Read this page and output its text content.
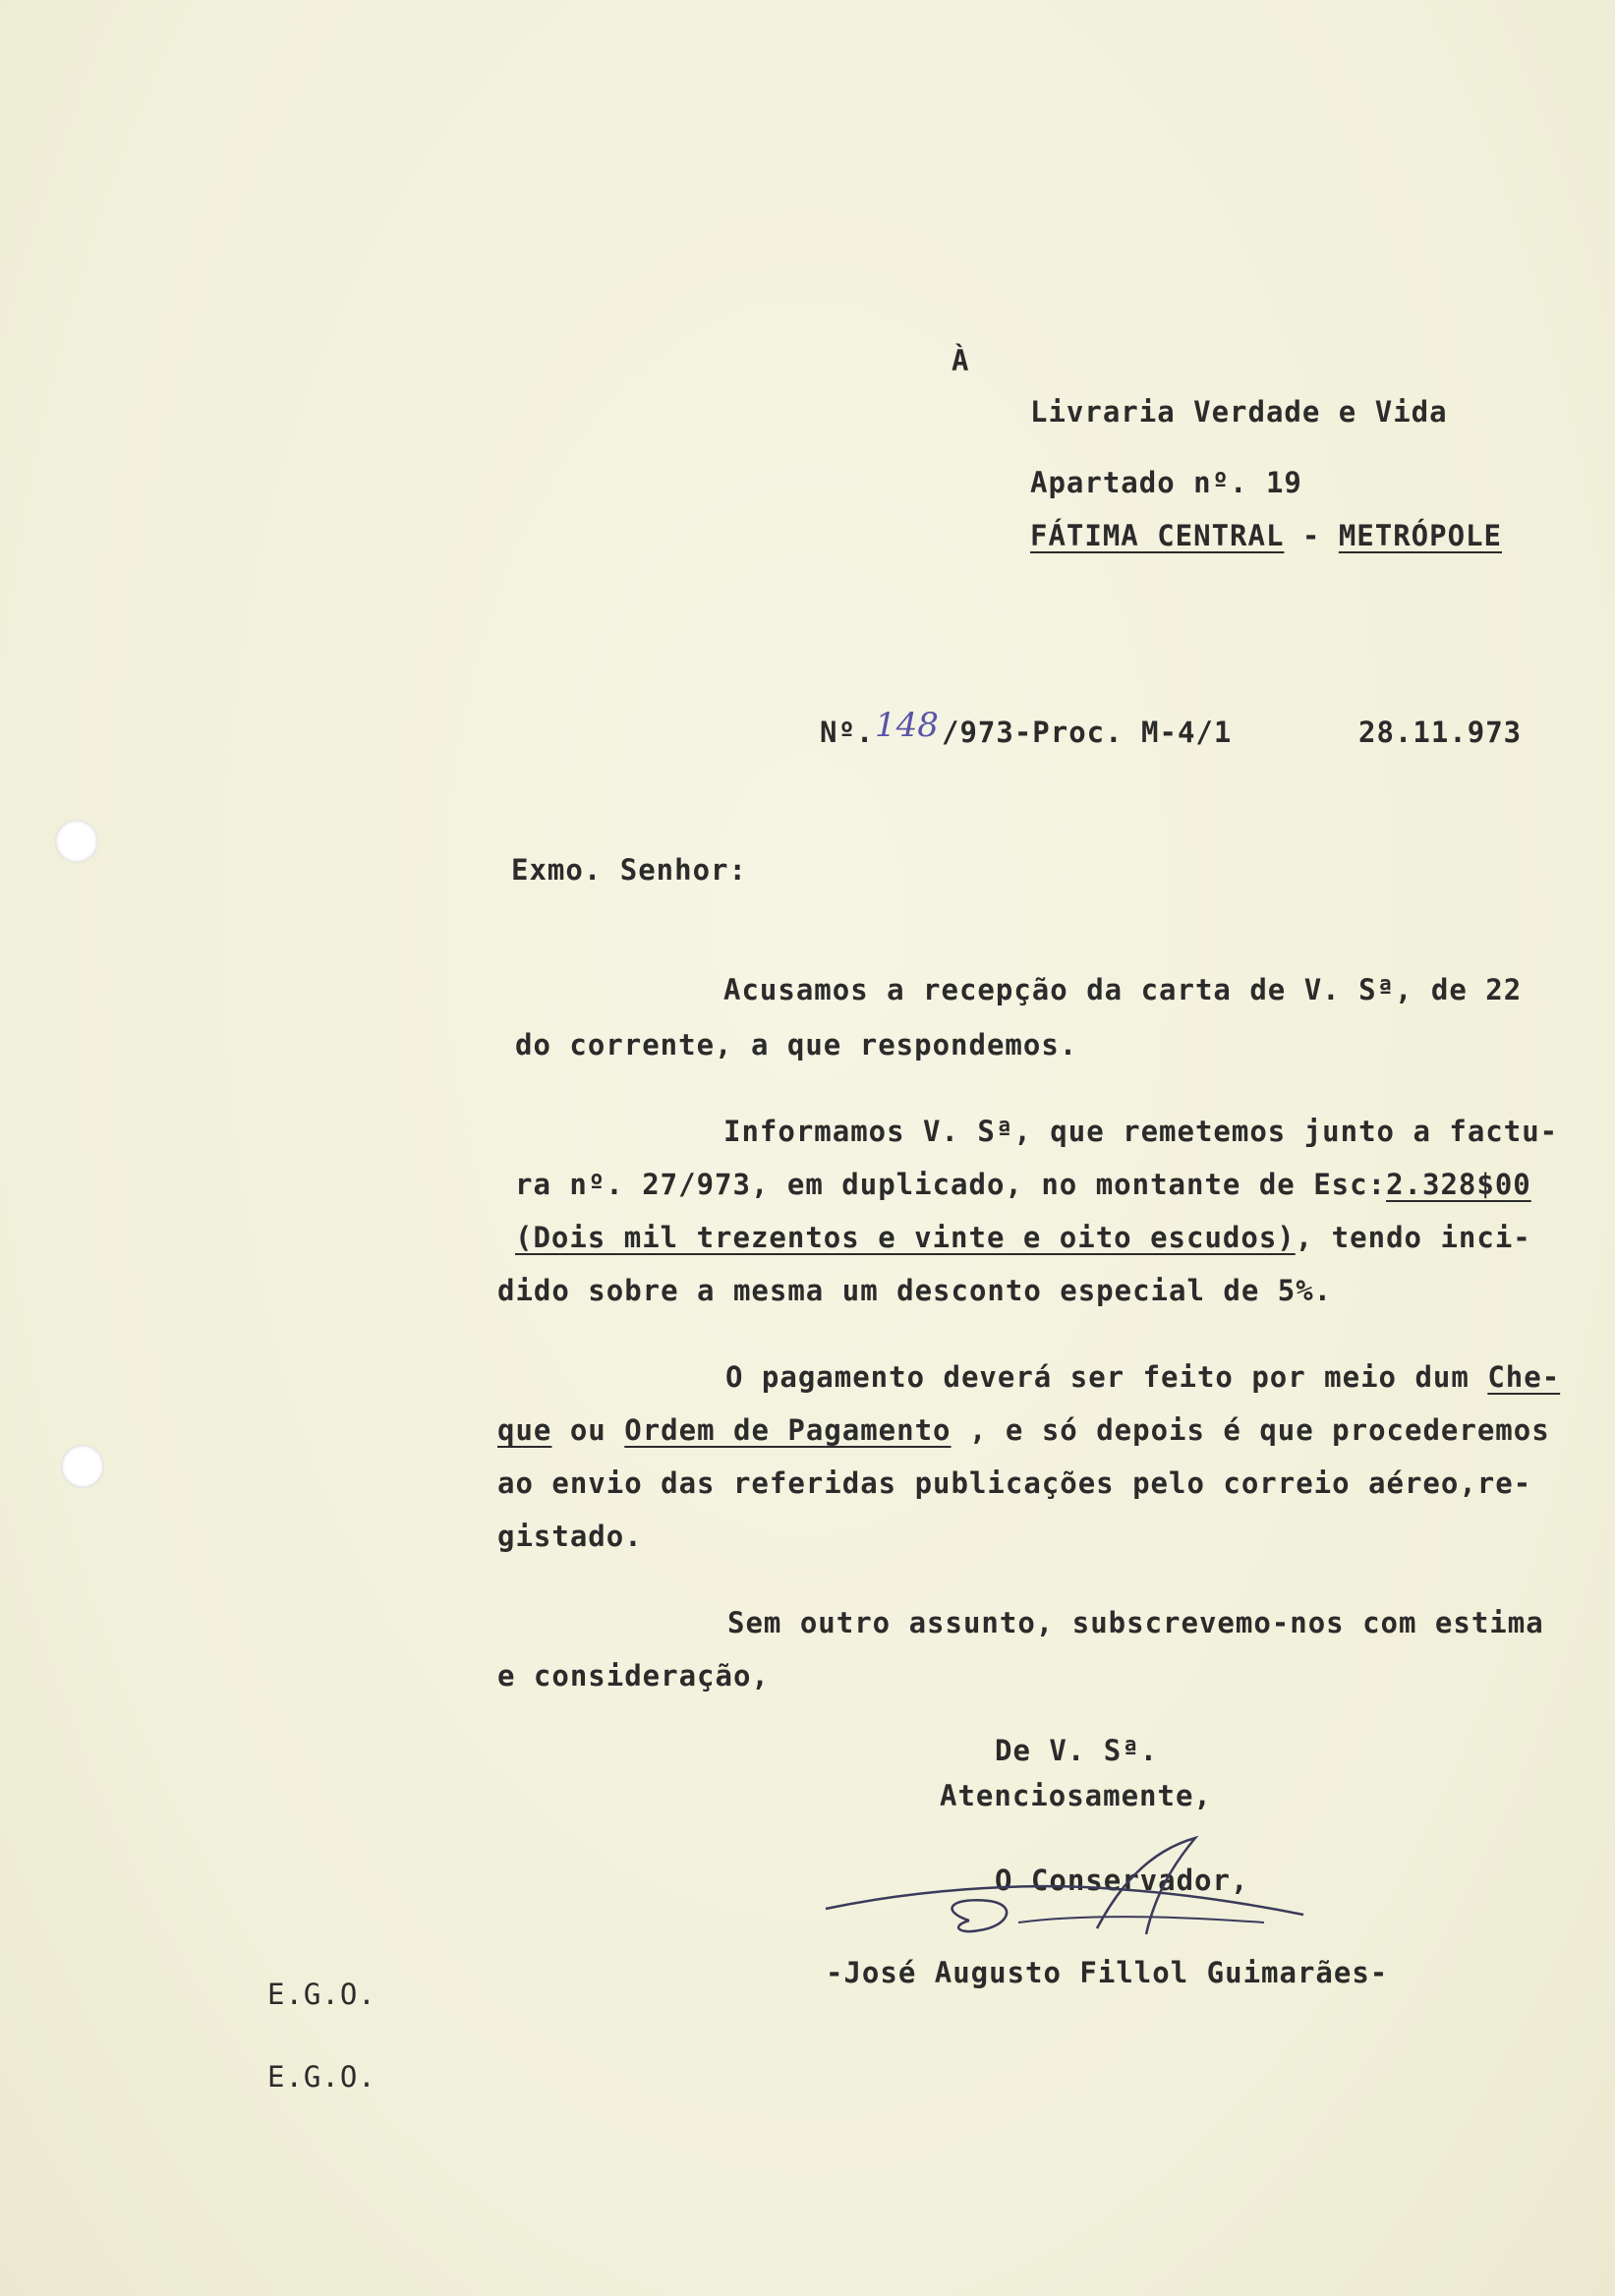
À
Livraria Verdade e Vida
Apartado nº. 19
FÁTIMA CENTRAL - METRÓPOLE
Nº. 148 /973-Proc. M-4/1	28.11.973
Exmo. Senhor:
Acusamos a recepção da carta de V. Sª, de 22
do corrente, a que respondemos.
Informamos V. Sª, que remetemos junto a factu-
ra nº. 27/973, em duplicado, no montante de Esc:2.328$00
(Dois mil trezentos e vinte e oito escudos), tendo inci-
dido sobre a mesma um desconto especial de 5%.
O pagamento deverá ser feito por meio dum Che-
que ou Ordem de Pagamento , e só depois é que procederemos
ao envio das referidas publicações pelo correio aéreo,re-
gistado.
Sem outro assunto, subscrevemo-nos com estima
e consideração,
De V. Sª.
Atenciosamente,
O Conservador,
-José Augusto Fillol Guimarães-
E.G.O.
E.G.O.
